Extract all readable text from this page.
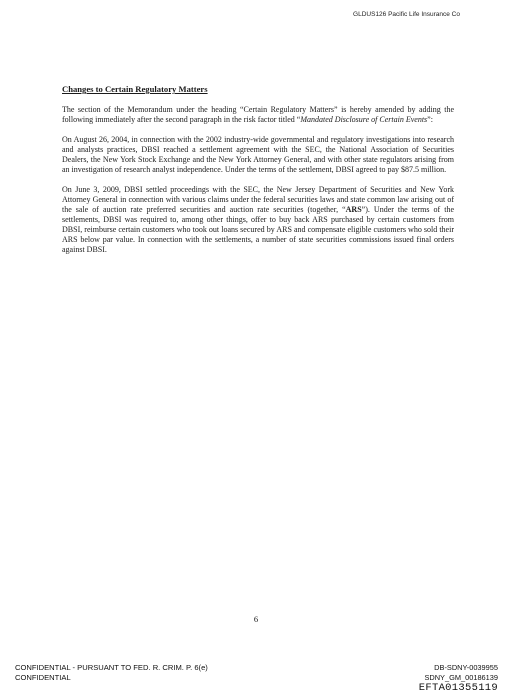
GLDUS126 Pacific Life Insurance Co

Changes to Certain Regulatory Matters

The section of the Memorandum under the heading “Certain Regulatory Matters” is hereby amended by adding the following immediately after the second paragraph in the risk factor titled “Mandated Disclosure of Certain Events”:

On August 26, 2004, in connection with the 2002 industry-wide governmental and regulatory investigations into research and analysts practices, DBSI reached a settlement agreement with the SEC, the National Association of Securities Dealers, the New York Stock Exchange and the New York Attorney General, and with other state regulators arising from an investigation of research analyst independence. Under the terms of the settlement, DBSI agreed to pay $87.5 million.

On June 3, 2009, DBSI settled proceedings with the SEC, the New Jersey Department of Securities and New York Attorney General in connection with various claims under the federal securities laws and state common law arising out of the sale of auction rate preferred securities and auction rate securities (together, “ARS”). Under the terms of the settlements, DBSI was required to, among other things, offer to buy back ARS purchased by certain customers from DBSI, reimburse certain customers who took out loans secured by ARS and compensate eligible customers who sold their ARS below par value. In connection with the settlements, a number of state securities commissions issued final orders against DBSI.

6
CONFIDENTIAL - PURSUANT TO FED. R. CRIM. P. 6(e)
CONFIDENTIAL
DB-SDNY-0039955
SDNY_GM_00186139
EFTA01355119
